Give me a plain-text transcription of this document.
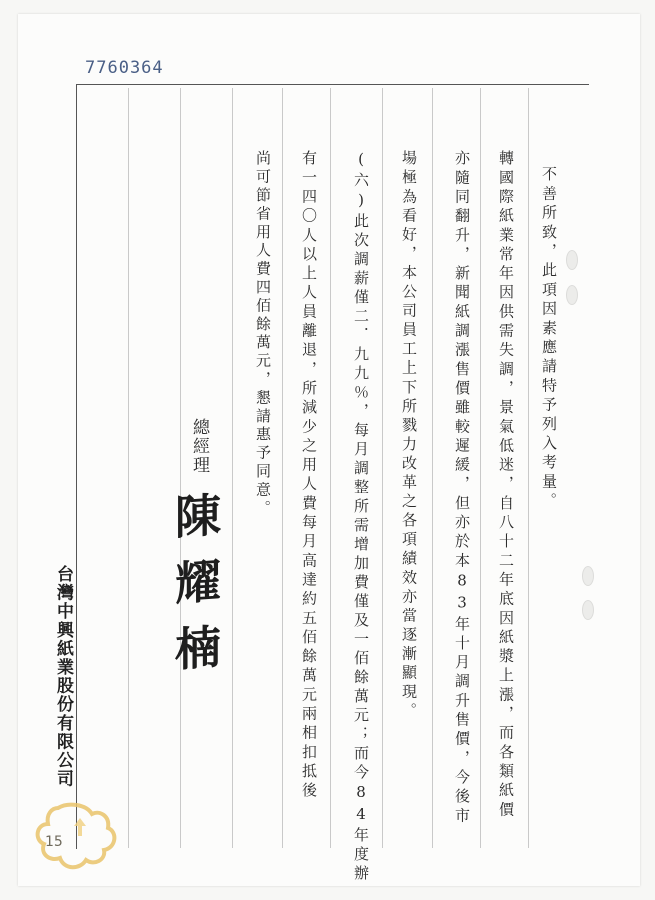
7760364
不善所致，此項因素應請特予列入考量。
轉國際紙業常年因供需失調，景氣低迷，自八十二年底因紙漿上漲，而各類紙價
亦隨同翻升，新聞紙調漲售價雖較遲緩，但亦於本83年十月調升售價，今後市
場極為看好，本公司員工上下所戮力改革之各項績效亦當逐漸顯現。
(六)此次調薪僅二．九九％，每月調整所需增加費僅及一佰餘萬元；而今84年度辦
有一四〇人以上人員離退，所減少之用人費每月高達約五佰餘萬元兩相扣抵後
尚可節省用人費四佰餘萬元，懇請惠予同意。
總經理
陳耀楠
台灣中興紙業股份有限公司
15
